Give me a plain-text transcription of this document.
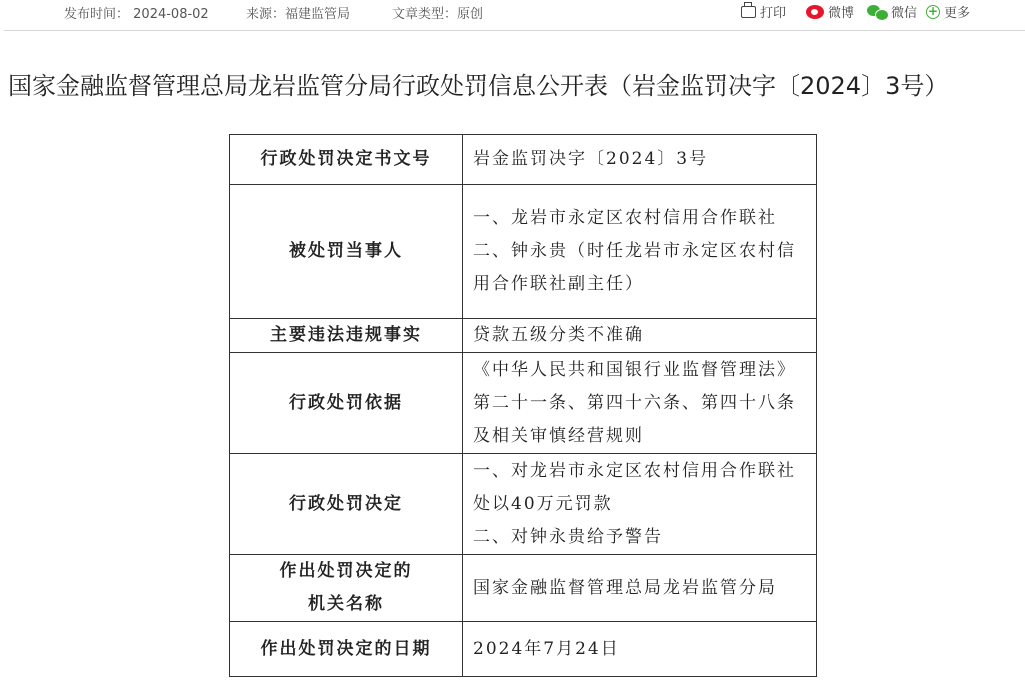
发布时间： 2024-08-02	来源：福建监管局	文章类型：原创	打印	微博	微信 + 更多
国家金融监督管理总局龙岩监管分局行政处罚信息公开表（岩金监罚决字〔2024〕3号）
行政处罚决定书文号	岩金监罚决字〔2024〕3号

被处罚当事人	一、龙岩市永定区农村信用合作联社
二、钟永贵（时任龙岩市永定区农村信用合作联社副主任）

主要违法违规事实	贷款五级分类不准确

行政处罚依据	《中华人民共和国银行业监督管理法》第二十一条、第四十六条、第四十八条及相关审慎经营规则

行政处罚决定	一、对龙岩市永定区农村信用合作联社处以40万元罚款
二、对钟永贵给予警告

作出处罚决定的
机关名称	国家金融监督管理总局龙岩监管分局

作出处罚决定的日期	2024年7月24日
